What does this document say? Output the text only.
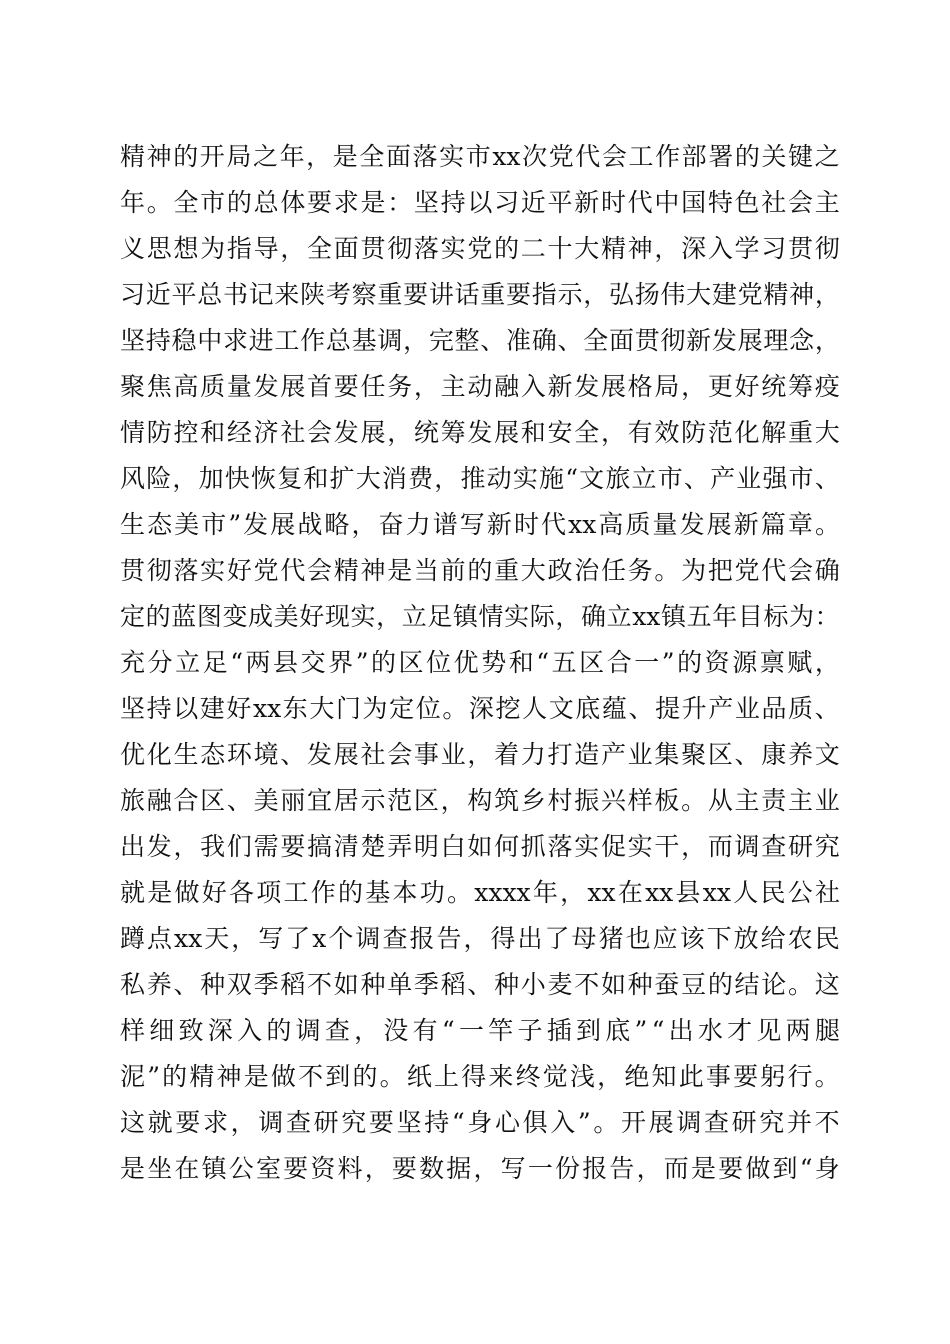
精 神 的 开 局 之 年 ， 是 全 面 落 实 市 xx 次 党 代 会 工 作 部 署 的 关 键 之
年 。 全 市 的 总 体 要 求 是 ： 坚 持 以 习 近 平 新 时 代 中 国 特 色 社 会 主
义 思 想 为 指 导 ， 全 面 贯 彻 落 实 党 的 二 十 大 精 神 ， 深 入 学 习 贯 彻
习 近 平 总 书 记 来 陕 考 察 重 要 讲 话 重 要 指 示 ， 弘 扬 伟 大 建 党 精 神 ，
坚 持 稳 中 求 进 工 作 总 基 调 ， 完 整 、 准 确 、 全 面 贯 彻 新 发 展 理 念 ，
聚 焦 高 质 量 发 展 首 要 任 务 ， 主 动 融 入 新 发 展 格 局 ， 更 好 统 筹 疫
情 防 控 和 经 济 社 会 发 展 ， 统 筹 发 展 和 安 全 ， 有 效 防 范 化 解 重 大
风 险 ， 加 快 恢 复 和 扩 大 消 费 ， 推 动 实 施 “ 文 旅 立 市 、 产 业 强 市 、
生 态 美 市 ” 发 展 战 略 ， 奋 力 谱 写 新 时 代 xx 高 质 量 发 展 新 篇 章 。
贯 彻 落 实 好 党 代 会 精 神 是 当 前 的 重 大 政 治 任 务 。 为 把 党 代 会 确
定 的 蓝 图 变 成 美 好 现 实 ， 立 足 镇 情 实 际 ， 确 立 xx 镇 五 年 目 标 为 ：
充 分 立 足 “ 两 县 交 界 ” 的 区 位 优 势 和 “ 五 区 合 一 ” 的 资 源 禀 赋 ，
坚 持 以 建 好 xx 东 大 门 为 定 位 。 深 挖 人 文 底 蕴 、 提 升 产 业 品 质 、
优 化 生 态 环 境 、 发 展 社 会 事 业 ， 着 力 打 造 产 业 集 聚 区 、 康 养 文
旅 融 合 区 、 美 丽 宜 居 示 范 区 ， 构 筑 乡 村 振 兴 样 板 。 从 主 责 主 业
出 发 ， 我 们 需 要 搞 清 楚 弄 明 白 如 何 抓 落 实 促 实 干 ， 而 调 查 研 究
就 是 做 好 各 项 工 作 的 基 本 功 。 xxxx 年 ， xx 在 xx 县 xx 人 民 公 社
蹲 点 xx 天 ， 写 了 x 个 调 查 报 告 ， 得 出 了 母 猪 也 应 该 下 放 给 农 民
私 养 、 种 双 季 稻 不 如 种 单 季 稻 、 种 小 麦 不 如 种 蚕 豆 的 结 论 。 这
样 细 致 深 入 的 调 查 ， 没 有 “ 一 竿 子 插 到 底 ” “ 出 水 才 见 两 腿
泥 ” 的 精 神 是 做 不 到 的 。 纸 上 得 来 终 觉 浅 ， 绝 知 此 事 要 躬 行 。
这 就 要 求 ， 调 查 研 究 要 坚 持 “ 身 心 俱 入 ” 。 开 展 调 查 研 究 并 不
是 坐 在 镇 公 室 要 资 料 ， 要 数 据 ， 写 一 份 报 告 ， 而 是 要 做 到 “ 身
